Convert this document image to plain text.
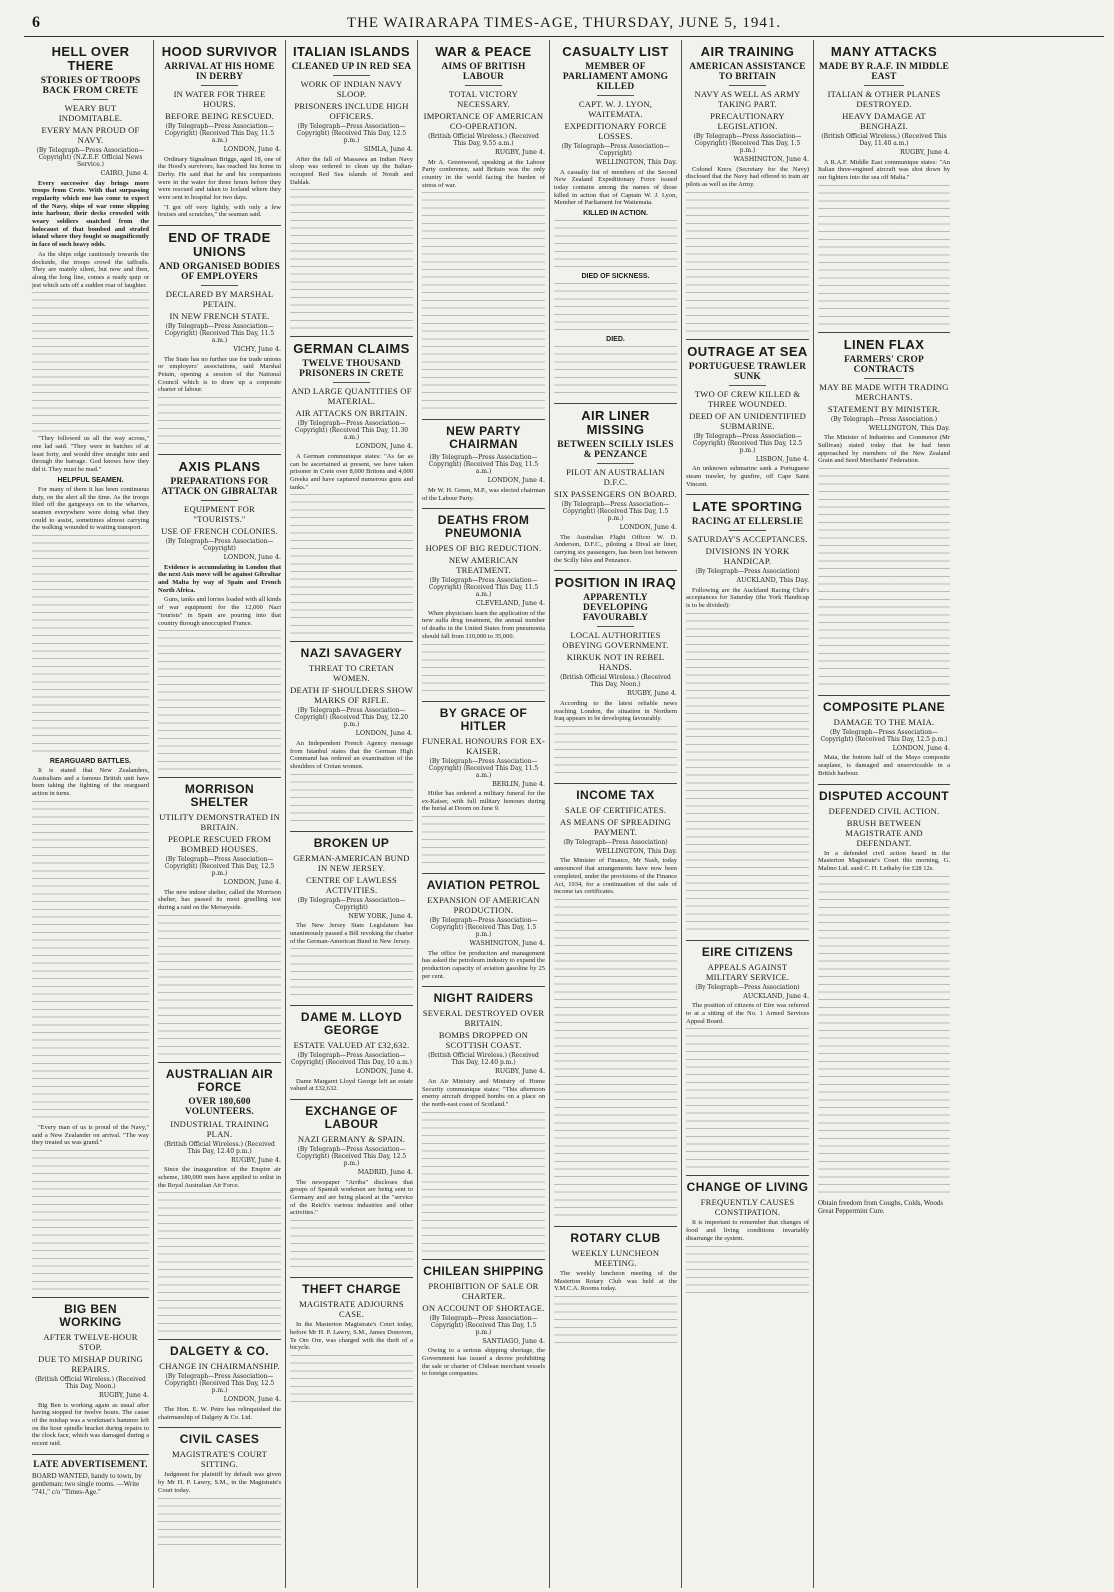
6	THE WAIRARAPA TIMES-AGE, THURSDAY, JUNE 5, 1941.
HELL OVER THERE
STORIES OF TROOPS BACK FROM CRETE
WEARY BUT INDOMITABLE.
EVERY MAN PROUD OF NAVY.
(By Telegraph—Press Association—Copyright) (N.Z.E.F. Official News Service.)
CAIRO, June 4.

Every successive day brings more troops from Crete. With that surpassing regularity which one has come to expect of the Navy, ships of war come slipping into harbour, their decks crowded with weary soldiers snatched from the holocaust of that bombed and strafed island where they fought so magnificently in face of such heavy odds.

As the ships edge cautiously towards the dockside, the troops crowd the taffrails. They are mainly silent, but now and then, along the long line, comes a ready quip or jest which sets off a sudden roar of laughter.

"They followed us all the way across," one lad said. "They were in batches of at least forty, and would dive straight into and through the barrage. God knows how they did it. They must be mad."

HELPFUL SEAMEN.

For many of them it has been continuous duty, on the alert all the time. As the troops filed off the gangways on to the wharves, seamen everywhere were doing what they could to assist, sometimes almost carrying the walking wounded to waiting transport.

REARGUARD BATTLES.

It is stated that New Zealanders, Australians and a famous British unit have been taking the fighting of the rearguard action in turns.

"Every man of us is proud of the Navy," said a New Zealander on arrival. "The way they treated us was grand."

BIG BEN WORKING
AFTER TWELVE-HOUR STOP.
DUE TO MISHAP DURING REPAIRS.
(British Official Wireless.) (Received This Day, Noon.)
RUGBY, June 4.

Big Ben is working again as usual after having stopped for twelve hours. The cause of the mishap was a workman's hammer left on the hour spindle bracket during repairs to the clock face, which was damaged during a recent raid.

LATE ADVERTISEMENT.
BOARD WANTED, handy to town, by gentleman; two single rooms. —Write "741," c/o "Times-Age."
HOOD SURVIVOR
ARRIVAL AT HIS HOME IN DERBY
IN WATER FOR THREE HOURS.
BEFORE BEING RESCUED.
(By Telegraph—Press Association—Copyright) (Received This Day, 11.5 a.m.)
LONDON, June 4.

Ordinary Signalman Briggs, aged 18, one of the Hood's survivors, has reached his home in Derby. He said that he and his companions were in the water for three hours before they were rescued and taken to Iceland where they were sent to hospital for two days.

"I got off very lightly, with only a few bruises and scratches," the seaman said.

END OF TRADE UNIONS
AND ORGANISED BODIES OF EMPLOYERS
DECLARED BY MARSHAL PETAIN.
IN NEW FRENCH STATE.
(By Telegraph—Press Association—Copyright) (Received This Day, 11.5 a.m.)
VICHY, June 4.

The State has no further use for trade unions or employers' associations, said Marshal Petain, opening a session of the National Council which is to draw up a corporate charter of labour.

AXIS PLANS
PREPARATIONS FOR ATTACK ON GIBRALTAR
EQUIPMENT FOR "TOURISTS."
USE OF FRENCH COLONIES.
(By Telegraph—Press Association—Copyright)
LONDON, June 4.

Evidence is accumulating in London that the next Axis move will be against Gibraltar and Malta by way of Spain and French North Africa.

Guns, tanks and lorries loaded with all kinds of war equipment for the 12,000 Nazi "tourists" in Spain are pouring into that country through unoccupied France.

MORRISON SHELTER
UTILITY DEMONSTRATED IN BRITAIN.
PEOPLE RESCUED FROM BOMBED HOUSES.
(By Telegraph—Press Association—Copyright) (Received This Day, 12.5 p.m.)
LONDON, June 4.

The new indoor shelter, called the Morrison shelter, has passed its most gruelling test during a raid on the Merseyside.

AUSTRALIAN AIR FORCE
OVER 180,600 VOLUNTEERS.
INDUSTRIAL TRAINING PLAN.
(British Official Wireless.) (Received This Day, 12.40 p.m.)
RUGBY, June 4.

Since the inauguration of the Empire air scheme, 180,000 men have applied to enlist in the Royal Australian Air Force.

DALGETY & CO.
CHANGE IN CHAIRMANSHIP.
(By Telegraph—Press Association—Copyright) (Received This Day, 12.5 p.m.)
LONDON, June 4.

The Hon. E. W. Petre has relinquished the chairmanship of Dalgety & Co. Ltd.

CIVIL CASES
MAGISTRATE'S COURT SITTING.

Judgment for plaintiff by default was given by Mr H. P. Lawry, S.M., in the Magistrate's Court today.

ITALIAN ISLANDS
CLEANED UP IN RED SEA
WORK OF INDIAN NAVY SLOOP.
PRISONERS INCLUDE HIGH OFFICERS.
(By Telegraph—Press Association—Copyright) (Received This Day, 12.5 p.m.)
SIMLA, June 4.

After the fall of Massawa an Indian Navy sloop was ordered to clean up the Italian-occupied Red Sea islands of Norah and Dahlak.

GERMAN CLAIMS
TWELVE THOUSAND PRISONERS IN CRETE
AND LARGE QUANTITIES OF MATERIAL.
AIR ATTACKS ON BRITAIN.
(By Telegraph—Press Association—Copyright) (Received This Day, 11.30 a.m.)
LONDON, June 4.

A German communique states: "As far as can be ascertained at present, we have taken prisoner in Crete over 8,000 Britons and 4,000 Greeks and have captured numerous guns and tanks."

NAZI SAVAGERY
THREAT TO CRETAN WOMEN.
DEATH IF SHOULDERS SHOW MARKS OF RIFLE.
(By Telegraph—Press Association—Copyright) (Received This Day, 12.20 p.m.)
LONDON, June 4.

An Independent French Agency message from Istanbul states that the German High Command has ordered an examination of the shoulders of Cretan women.

BROKEN UP
GERMAN-AMERICAN BUND IN NEW JERSEY.
CENTRE OF LAWLESS ACTIVITIES.
(By Telegraph—Press Association—Copyright)
NEW YORK, June 4.

The New Jersey State Legislature has unanimously passed a Bill revoking the charter of the German-American Bund in New Jersey.

DAME M. LLOYD GEORGE
ESTATE VALUED AT £32,632.
(By Telegraph—Press Association—Copyright) (Received This Day, 10 a.m.)
LONDON, June 4.

Dame Margaret Lloyd George left an estate valued at £32,632.

EXCHANGE OF LABOUR
NAZI GERMANY & SPAIN.
(By Telegraph—Press Association—Copyright) (Received This Day, 12.5 p.m.)
MADRID, June 4.

The newspaper "Arriba" discloses that groups of Spanish workmen are being sent to Germany and are being placed at the "service of the Reich's various industries and other activities."

THEFT CHARGE
MAGISTRATE ADJOURNS CASE.

In the Masterton Magistrate's Court today, before Mr H. P. Lawry, S.M., James Donovon, Te Ore Ore, was charged with the theft of a bicycle.

WAR & PEACE
AIMS OF BRITISH LABOUR
TOTAL VICTORY NECESSARY.
IMPORTANCE OF AMERICAN CO-OPERATION.
(British Official Wireless.) (Received This Day, 9.55 a.m.)
RUGBY, June 4.

Mr A. Greenwood, speaking at the Labour Party conference, said Britain was the only country in the world facing the burden of stress of war.

NEW PARTY CHAIRMAN
(By Telegraph—Press Association—Copyright) (Received This Day, 11.5 a.m.)
LONDON, June 4.

Mr W. H. Green, M.P., was elected chairman of the Labour Party.

DEATHS FROM PNEUMONIA
HOPES OF BIG REDUCTION.
NEW AMERICAN TREATMENT.
(By Telegraph—Press Association—Copyright) (Received This Day, 11.5 a.m.)
CLEVELAND, June 4.

When physicians learn the application of the new sulfa drug treatment, the annual number of deaths in the United States from pneumonia should fall from 110,000 to 35,000.

BY GRACE OF HITLER
FUNERAL HONOURS FOR EX-KAISER.
(By Telegraph—Press Association—Copyright) (Received This Day, 11.5 a.m.)
BERLIN, June 4.

Hitler has ordered a military funeral for the ex-Kaiser, with full military honours during the burial at Doorn on June 9.

AVIATION PETROL
EXPANSION OF AMERICAN PRODUCTION.
(By Telegraph—Press Association—Copyright) (Received This Day, 1.5 p.m.)
WASHINGTON, June 4.

The office for production and management has asked the petroleum industry to expand the production capacity of aviation gasoline by 25 per cent.

NIGHT RAIDERS
SEVERAL DESTROYED OVER BRITAIN.
BOMBS DROPPED ON SCOTTISH COAST.
(British Official Wireless.) (Received This Day, 12.40 p.m.)
RUGBY, June 4.

An Air Ministry and Ministry of Home Security communique states: "This afternoon enemy aircraft dropped bombs on a place on the north-east coast of Scotland."

CHILEAN SHIPPING
PROHIBITION OF SALE OR CHARTER.
ON ACCOUNT OF SHORTAGE.
(By Telegraph—Press Association—Copyright) (Received This Day, 1.5 p.m.)
SANTIAGO, June 4.

Owing to a serious shipping shortage, the Government has issued a decree prohibiting the sale or charter of Chilean merchant vessels to foreign companies.

CASUALTY LIST
MEMBER OF PARLIAMENT AMONG KILLED
CAPT. W. J. LYON, WAITEMATA.
EXPEDITIONARY FORCE LOSSES.
(By Telegraph—Press Association—Copyright)
WELLINGTON, This Day.

A casualty list of members of the Second New Zealand Expeditionary Force issued today contains among the names of those killed in action that of Captain W. J. Lyon, Member of Parliament for Waitemata.

KILLED IN ACTION.
DIED OF SICKNESS.
DIED.
AIR LINER MISSING
BETWEEN SCILLY ISLES & PENZANCE
PILOT AN AUSTRALIAN D.F.C.
SIX PASSENGERS ON BOARD.
(By Telegraph—Press Association—Copyright) (Received This Day, 1.5 p.m.)
LONDON, June 4.

The Australian Flight Officer W. D. Anderson, D.F.C., piloting a Dival air liner, carrying six passengers, has been lost between the Scilly Isles and Penzance.

POSITION IN IRAQ
APPARENTLY DEVELOPING FAVOURABLY
LOCAL AUTHORITIES OBEYING GOVERNMENT.
KIRKUK NOT IN REBEL HANDS.
(British Official Wireless.) (Received This Day, Noon.)
RUGBY, June 4.

According to the latest reliable news reaching London, the situation in Northern Iraq appears to be developing favourably.

INCOME TAX
SALE OF CERTIFICATES.
AS MEANS OF SPREADING PAYMENT.
(By Telegraph—Press Association)
WELLINGTON, This Day.

The Minister of Finance, Mr Nash, today announced that arrangements have now been completed, under the provisions of the Finance Act, 1934, for a continuation of the sale of income tax certificates.

ROTARY CLUB
WEEKLY LUNCHEON MEETING.

The weekly luncheon meeting of the Masterton Rotary Club was held at the Y.M.C.A. Rooms today.

AIR TRAINING
AMERICAN ASSISTANCE TO BRITAIN
NAVY AS WELL AS ARMY TAKING PART.
PRECAUTIONARY LEGISLATION.
(By Telegraph—Press Association—Copyright) (Received This Day, 1.5 p.m.)
WASHINGTON, June 4.

Colonel Knox (Secretary for the Navy) disclosed that the Navy had offered to train air pilots as well as the Army.

OUTRAGE AT SEA
PORTUGUESE TRAWLER SUNK
TWO OF CREW KILLED & THREE WOUNDED.
DEED OF AN UNIDENTIFIED SUBMARINE.
(By Telegraph—Press Association—Copyright) (Received This Day, 12.5 p.m.)
LISBON, June 4.

An unknown submarine sank a Portuguese steam trawler, by gunfire, off Cape Saint Vincent.

LATE SPORTING
RACING AT ELLERSLIE
SATURDAY'S ACCEPTANCES.
DIVISIONS IN YORK HANDICAP.
(By Telegraph—Press Association)
AUCKLAND, This Day.

Following are the Auckland Racing Club's acceptances for Saturday (the York Handicap is to be divided):

EIRE CITIZENS
APPEALS AGAINST MILITARY SERVICE.
(By Telegraph—Press Association)
AUCKLAND, June 4.

The position of citizens of Eire was referred to at a sitting of the No. 1 Armed Services Appeal Board.

CHANGE OF LIVING
FREQUENTLY CAUSES CONSTIPATION.

It is important to remember that changes of food and living conditions invariably disarrange the system.

MANY ATTACKS
MADE BY R.A.F. IN MIDDLE EAST
ITALIAN & OTHER PLANES DESTROYED.
HEAVY DAMAGE AT BENGHAZI.
(British Official Wireless.) (Received This Day, 11.40 a.m.)
RUGBY, June 4.

A R.A.F. Middle East communique states: "An Italian three-engined aircraft was shot down by our fighters into the sea off Malta."

LINEN FLAX
FARMERS' CROP CONTRACTS
MAY BE MADE WITH TRADING MERCHANTS.
STATEMENT BY MINISTER.
(By Telegraph—Press Association.)
WELLINGTON, This Day.

The Minister of Industries and Commerce (Mr Sullivan) stated today that he had been approached by members of the New Zealand Grain and Seed Merchants' Federation.

COMPOSITE PLANE
DAMAGE TO THE MAIA.
(By Telegraph—Press Association—Copyright) (Received This Day, 12.5 p.m.)
LONDON, June 4.

Maia, the bottom half of the Mayo composite seaplane, is damaged and unserviceable in a British harbour.

DISPUTED ACCOUNT
DEFENDED CIVIL ACTION.
BRUSH BETWEEN MAGISTRATE AND DEFENDANT.

In a defended civil action heard in the Masterton Magistrate's Court this morning, G. Malmo Ltd. sued C. H. Lethaby for £28 12s.

Obtain freedom from Coughs, Colds, Woods Great Peppermint Cure.
